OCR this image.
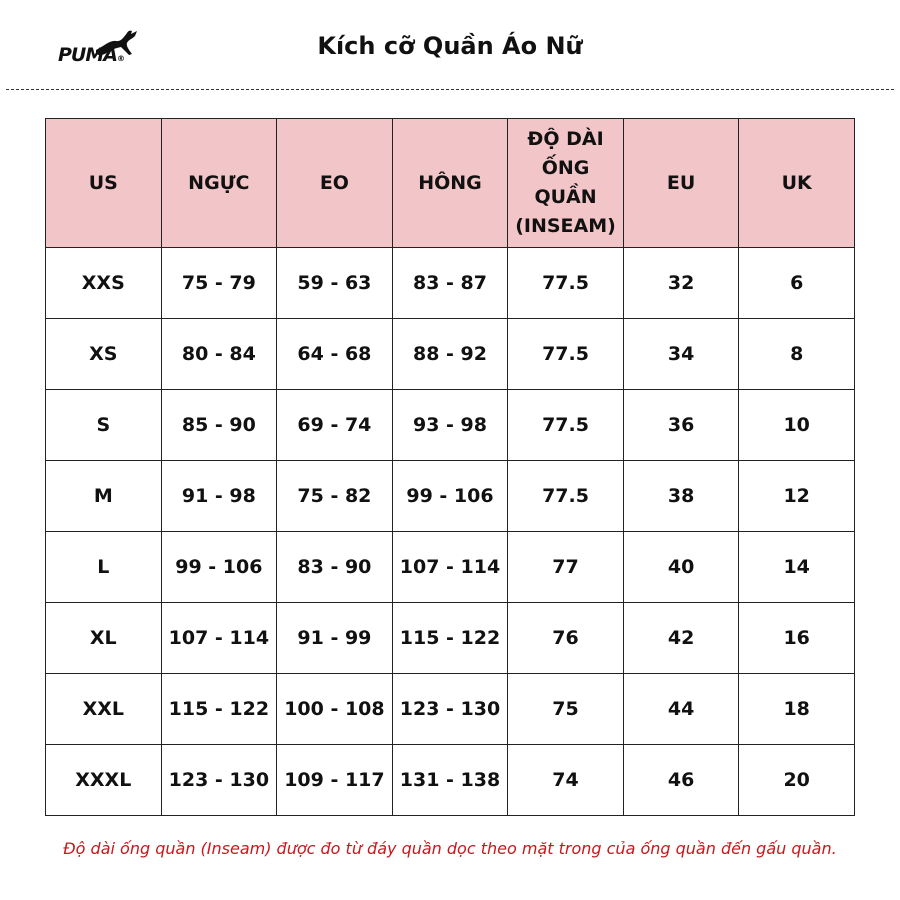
PUMA®	Kích cỡ Quần Áo Nữ
US	NGỰC	EO	HÔNG	ĐỘ DÀI ỐNG QUẦN (INSEAM)	EU	UK
XXS	75 - 79	59 - 63	83 - 87	77.5	32	6
XS	80 - 84	64 - 68	88 - 92	77.5	34	8
S	85 - 90	69 - 74	93 - 98	77.5	36	10
M	91 - 98	75 - 82	99 - 106	77.5	38	12
L	99 - 106	83 - 90	107 - 114	77	40	14
XL	107 - 114	91 - 99	115 - 122	76	42	16
XXL	115 - 122	100 - 108	123 - 130	75	44	18
XXXL	123 - 130	109 - 117	131 - 138	74	46	20
Độ dài ống quần (Inseam) được đo từ đáy quần dọc theo mặt trong của ống quần đến gấu quần.
